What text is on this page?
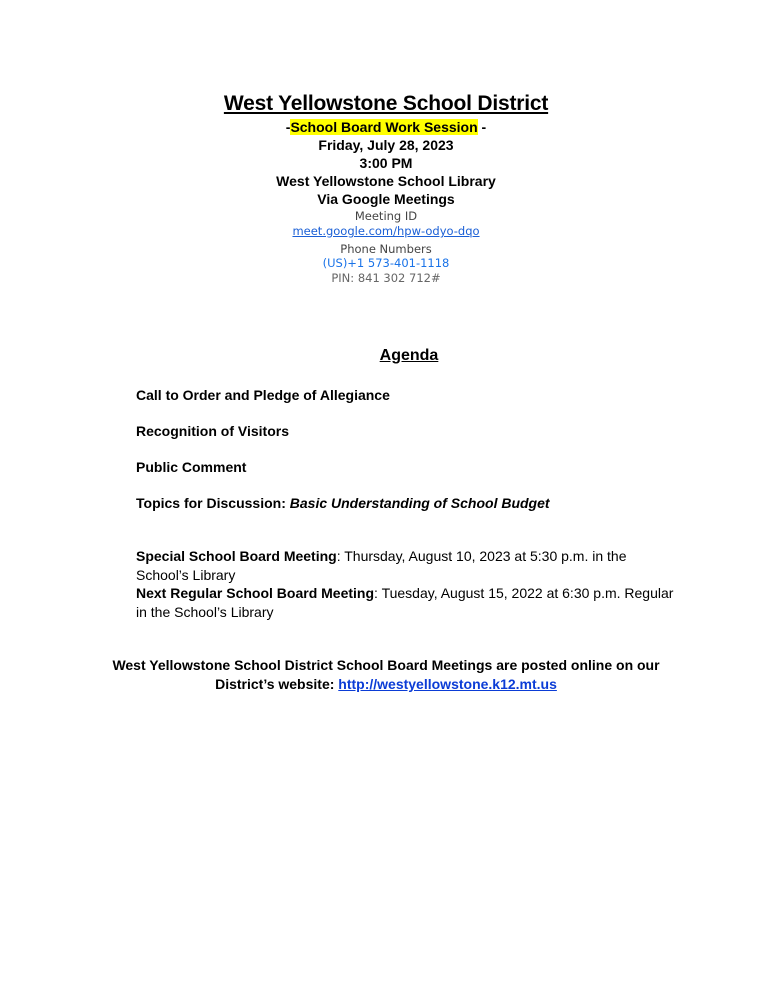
West Yellowstone School District
-School Board Work Session -
Friday, July 28, 2023
3:00 PM
West Yellowstone School Library
Via Google Meetings
Meeting ID
meet.google.com/hpw-odyo-dqo
Phone Numbers
(US)+1 573-401-1118
PIN: 841 302 712#
Agenda
Call to Order and Pledge of Allegiance
Recognition of Visitors
Public Comment
Topics for Discussion: Basic Understanding of School Budget
Special School Board Meeting: Thursday, August 10, 2023 at 5:30 p.m. in the School’s Library
Next Regular School Board Meeting: Tuesday, August 15, 2022 at 6:30 p.m. Regular in the School’s Library
West Yellowstone School District School Board Meetings are posted online on our District’s website: http://westyellowstone.k12.mt.us
